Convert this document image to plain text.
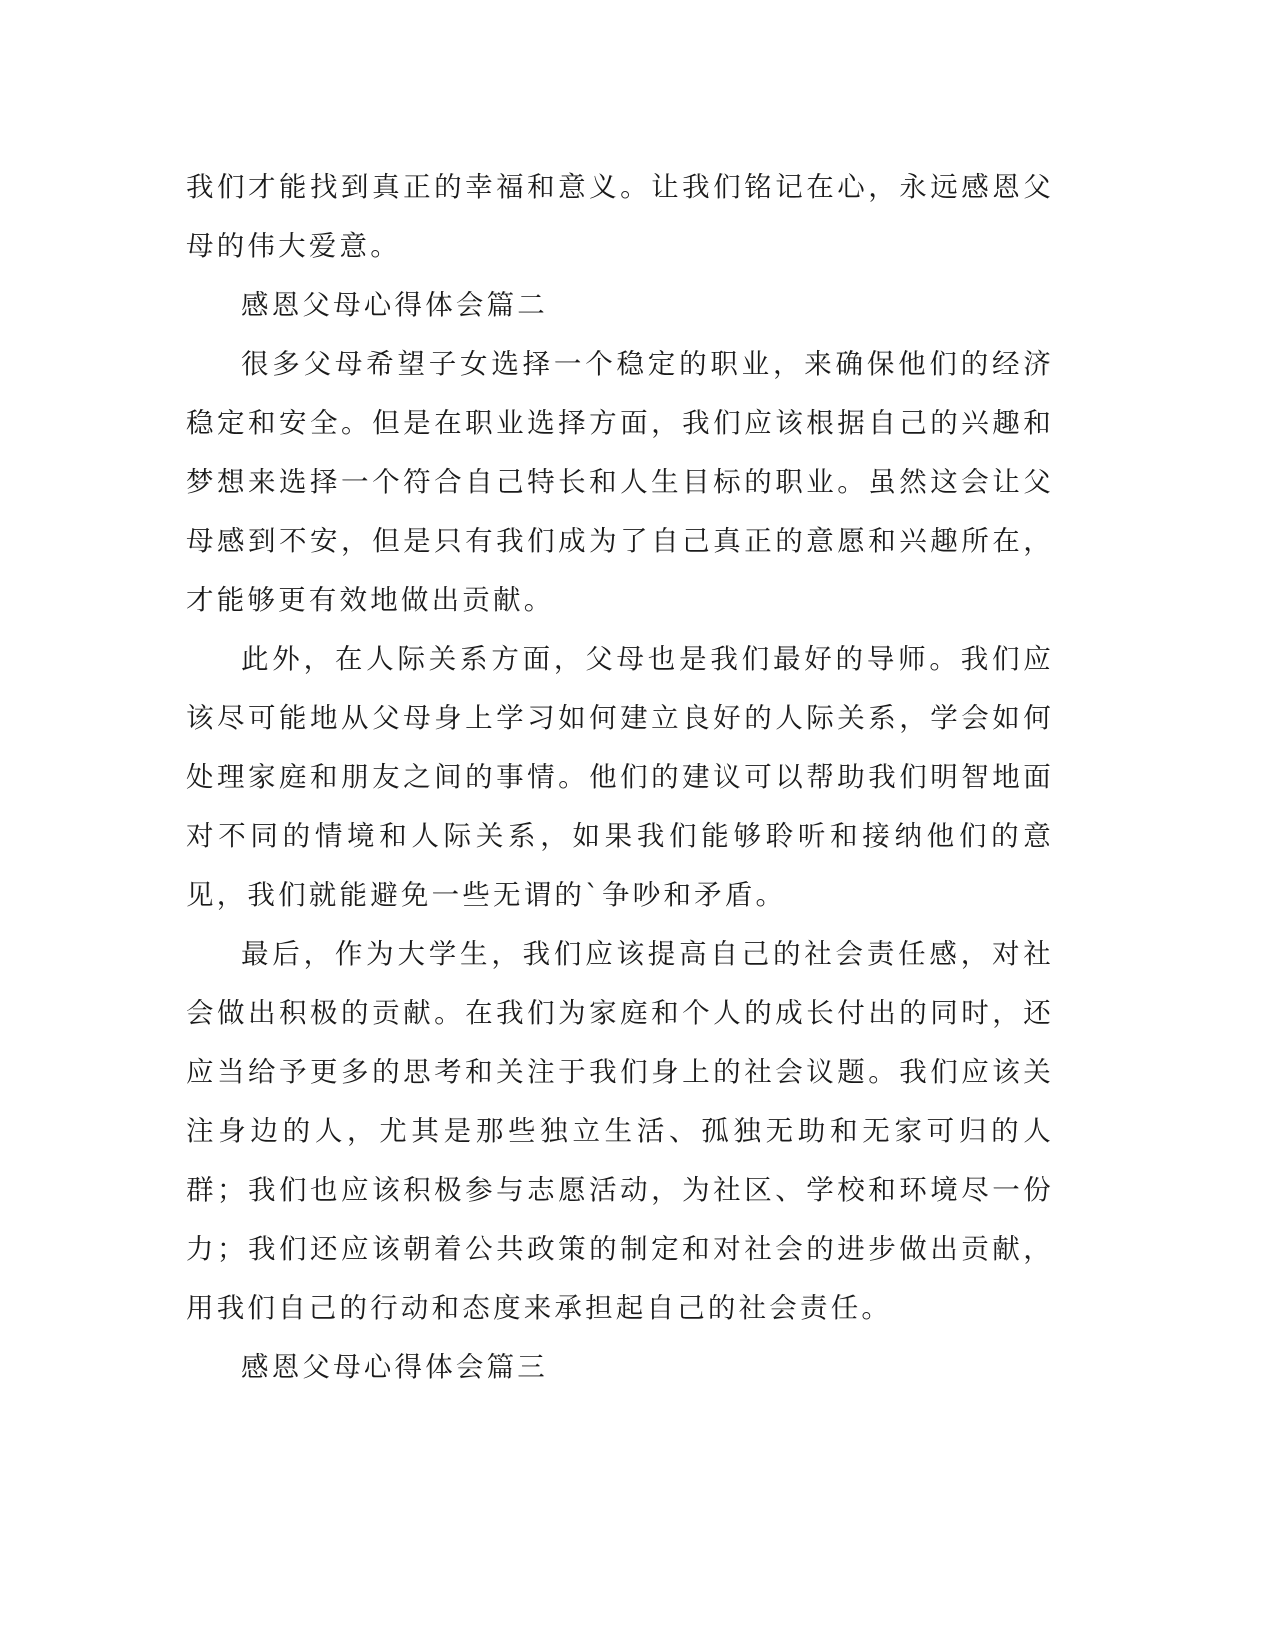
我们才能找到真正的幸福和意义。让我们铭记在心，永远感恩父母的伟大爱意。

感恩父母心得体会篇二

很多父母希望子女选择一个稳定的职业，来确保他们的经济稳定和安全。但是在职业选择方面，我们应该根据自己的兴趣和梦想来选择一个符合自己特长和人生目标的职业。虽然这会让父母感到不安，但是只有我们成为了自己真正的意愿和兴趣所在，才能够更有效地做出贡献。

此外，在人际关系方面，父母也是我们最好的导师。我们应该尽可能地从父母身上学习如何建立良好的人际关系，学会如何处理家庭和朋友之间的事情。他们的建议可以帮助我们明智地面对不同的情境和人际关系，如果我们能够聆听和接纳他们的意见，我们就能避免一些无谓的`争吵和矛盾。

最后，作为大学生，我们应该提高自己的社会责任感，对社会做出积极的贡献。在我们为家庭和个人的成长付出的同时，还应当给予更多的思考和关注于我们身上的社会议题。我们应该关注身边的人，尤其是那些独立生活、孤独无助和无家可归的人群；我们也应该积极参与志愿活动，为社区、学校和环境尽一份力；我们还应该朝着公共政策的制定和对社会的进步做出贡献，用我们自己的行动和态度来承担起自己的社会责任。

感恩父母心得体会篇三
